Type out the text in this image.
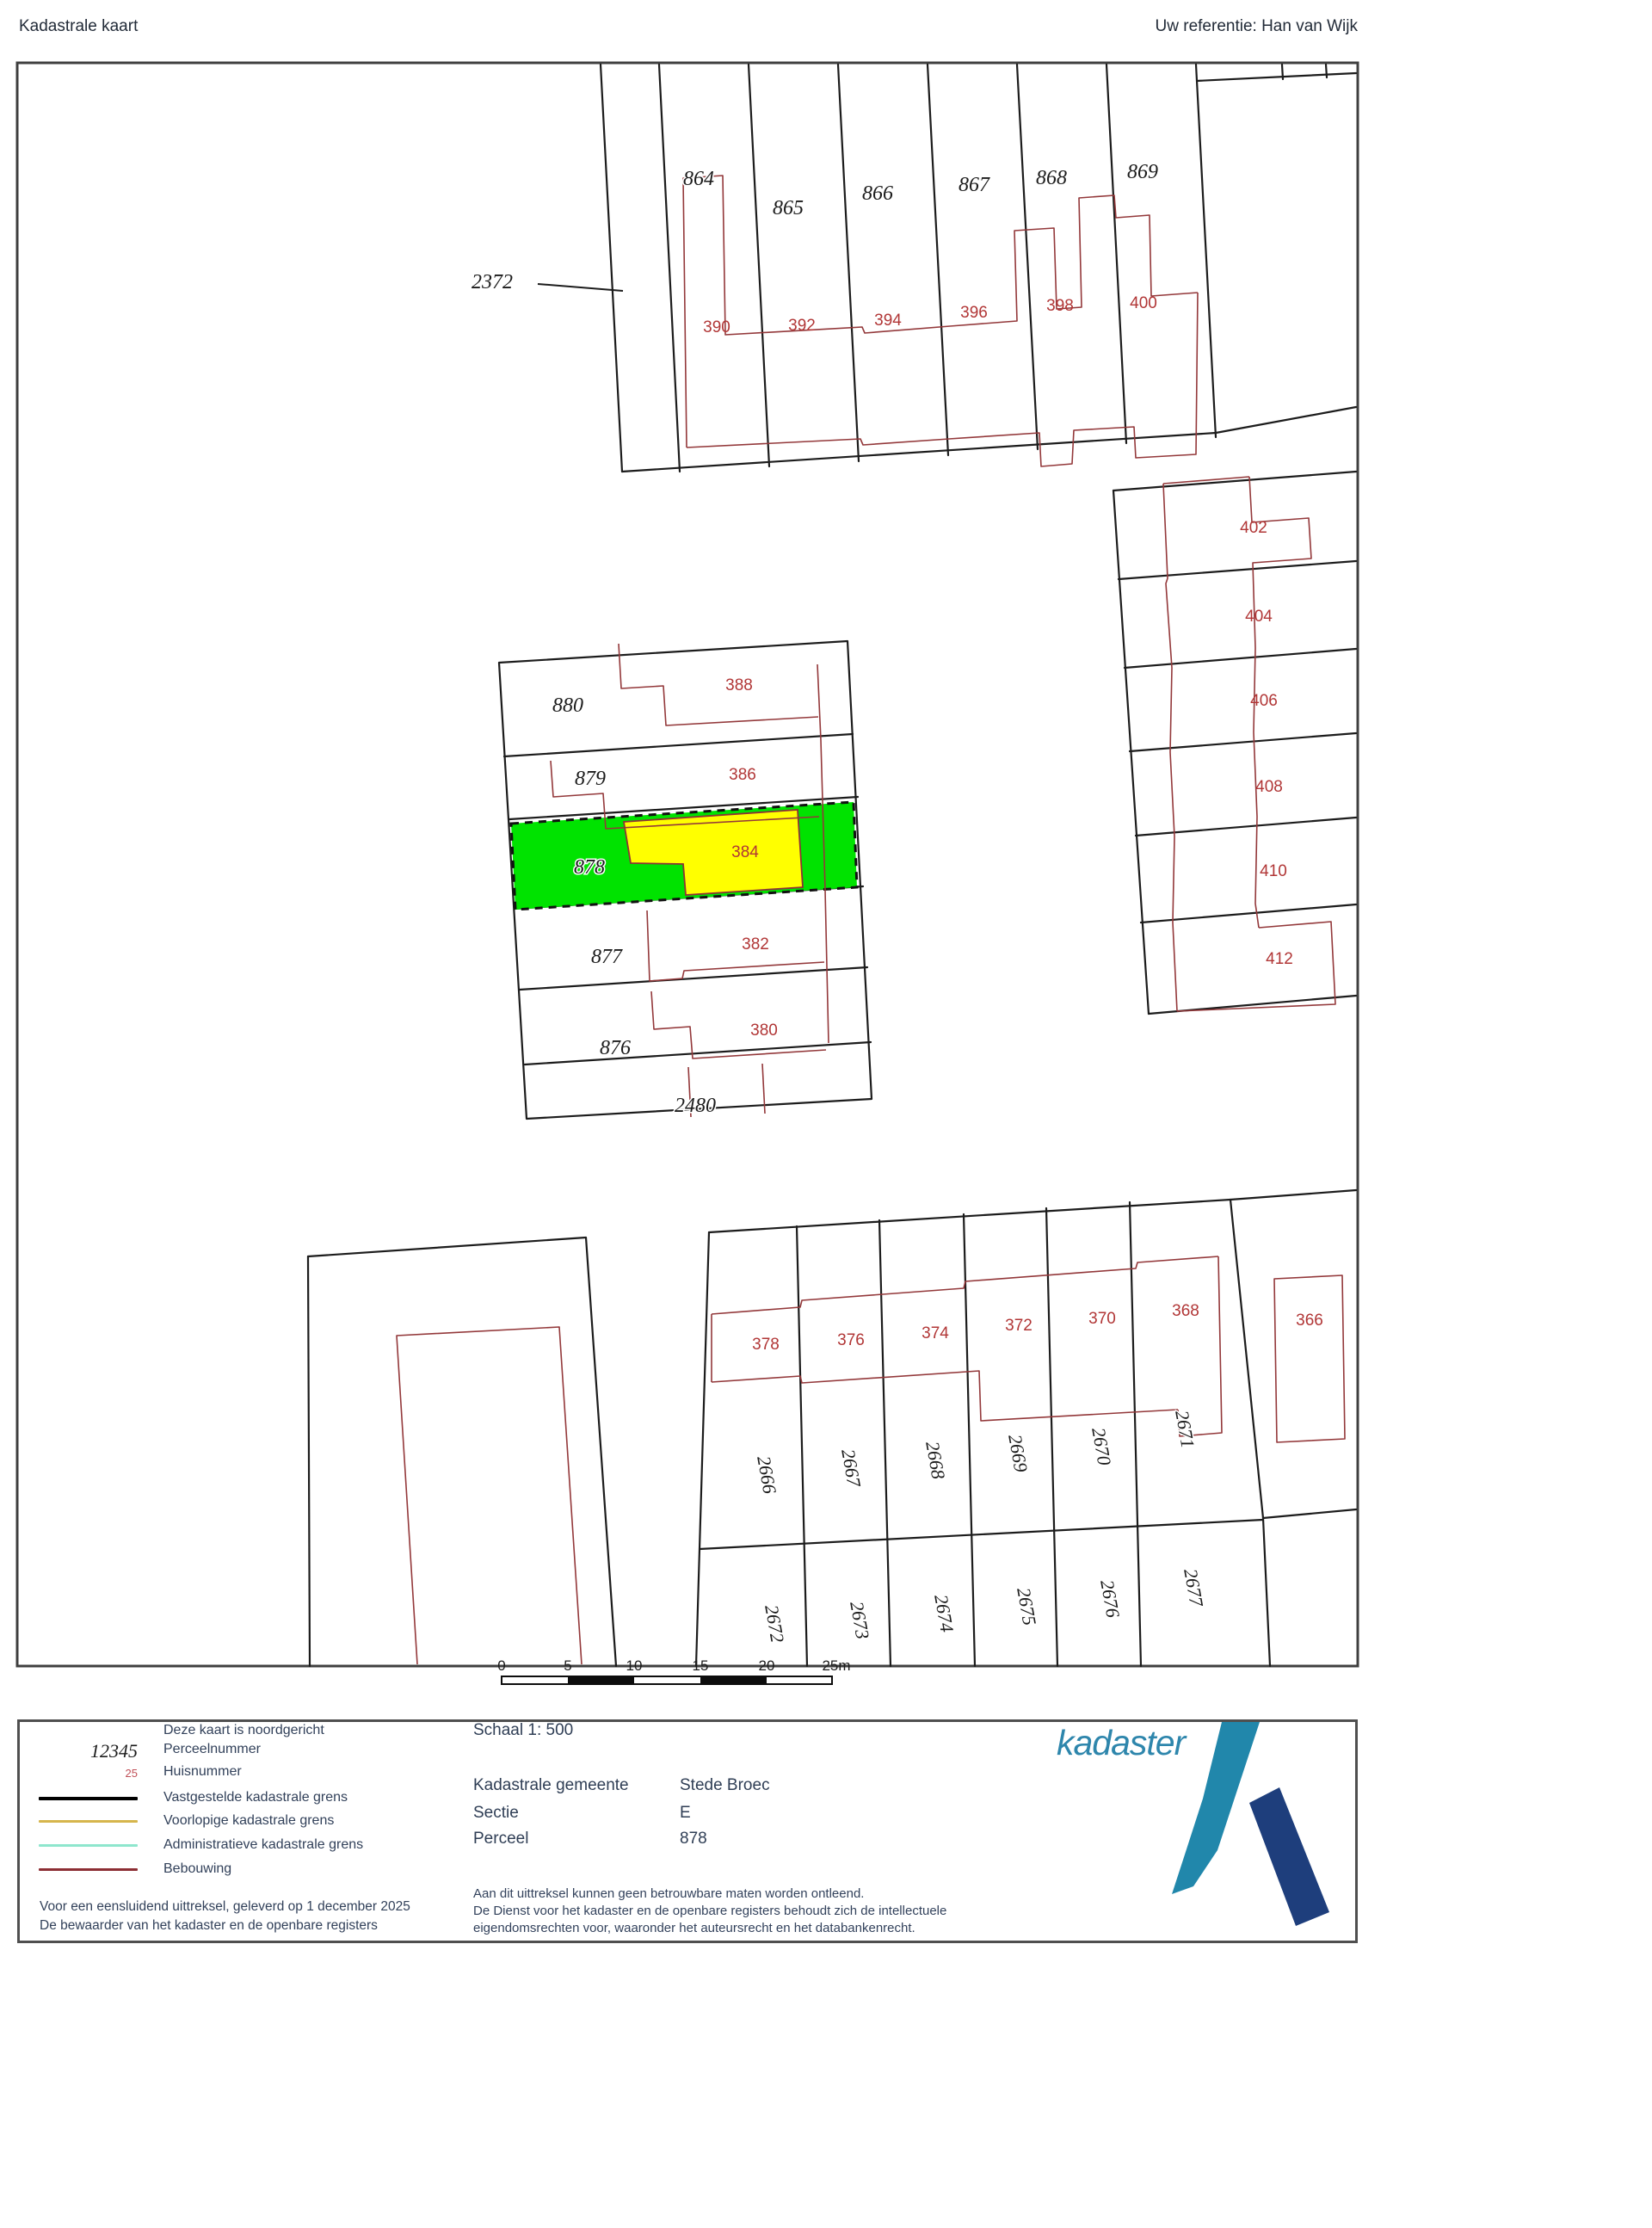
Kadastrale kaart	Uw referentie: Han van Wijk
2372
864
865
866	867 868	869
880
879
878
877
876
2480
2666	2667	2668	2669	2670	2671
2672	2673	2674	2675	2676	2677
390	392	394	396	398	400
402
404
406
408
410
412
388
386
384
382
380
378	376	374	372	370	368
366
0	5	10	15	20	25m
Deze kaart is noordgericht
12345 Perceelnummer
25 Huisnummer
Vastgestelde kadastrale grens
Voorlopige kadastrale grens
Administratieve kadastrale grens
Bebouwing
Voor een eensluidend uittreksel, geleverd op 1 december 2025
De bewaarder van het kadaster en de openbare registers
Schaal 1: 500
Kadastrale gemeente	Stede Broec
Sectie	E
Perceel	878
Aan dit uittreksel kunnen geen betrouwbare maten worden ontleend.
De Dienst voor het kadaster en de openbare registers behoudt zich de intellectuele
eigendomsrechten voor, waaronder het auteursrecht en het databankenrecht.
kadaster
